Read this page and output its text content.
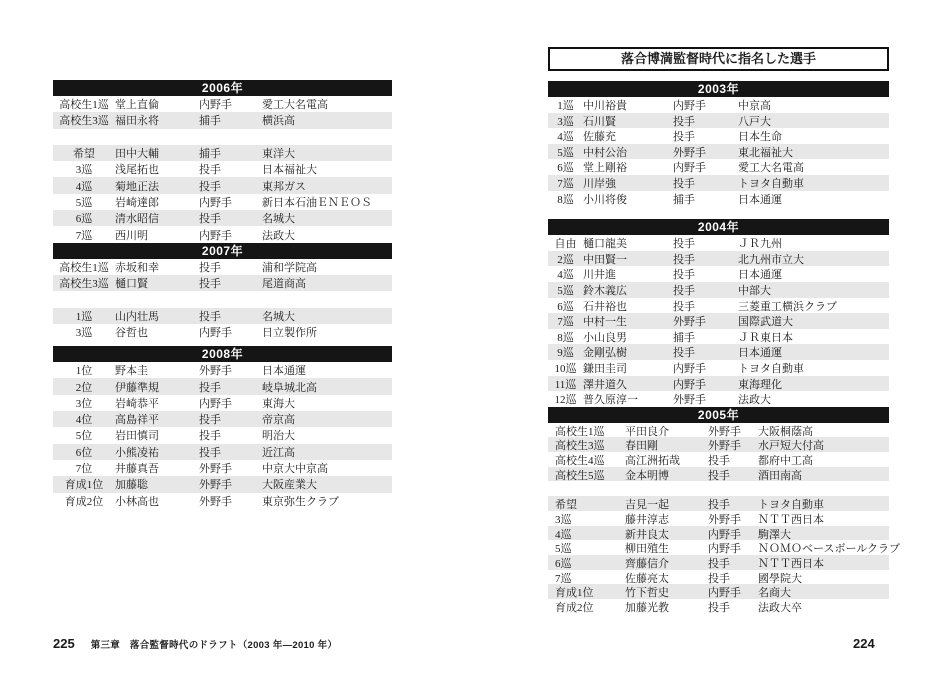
2006年
高校生1巡 堂上直倫	内野手	愛工大名電高
高校生3巡 福田永将	捕手	横浜高
希望	田中大輔	捕手	東洋大
3巡	浅尾拓也	投手	日本福祉大
4巡	菊地正法	投手	東邦ガス
5巡	岩崎達郎	内野手	新日本石油ＥＮＥＯＳ
6巡	清水昭信	投手	名城大
7巡	西川明	内野手	法政大
2007年
高校生1巡 赤坂和幸	投手	浦和学院高
高校生3巡 樋口賢	投手	尾道商高
1巡	山内壮馬	投手	名城大
3巡	谷哲也	内野手	日立製作所
2008年
1位	野本圭	外野手	日本通運
2位	伊藤準規	投手	岐阜城北高
3位	岩崎恭平	内野手	東海大
4位	高島祥平	投手	帝京高
5位	岩田慎司	投手	明治大
6位	小熊凌祐	投手	近江高
7位	井藤真吾	外野手	中京大中京高
育成1位	加藤聡	外野手	大阪産業大
育成2位	小林高也	外野手	東京弥生クラブ
落合博満監督時代に指名した選手
2003年
1巡 中川裕貴	内野手	中京高
3巡 石川賢	投手	八戸大
4巡 佐藤充	投手	日本生命
5巡 中村公治	外野手	東北福祉大
6巡 堂上剛裕	内野手	愛工大名電高
7巡 川岸強	投手	トヨタ自動車
8巡 小川将俊	捕手	日本通運
2004年
自由 樋口龍美	投手	ＪＲ九州
2巡 中田賢一	投手	北九州市立大
4巡 川井進	投手	日本通運
5巡 鈴木義広	投手	中部大
6巡 石井裕也	投手	三菱重工横浜クラブ
7巡 中村一生	外野手	国際武道大
8巡 小山良男	捕手	ＪＲ東日本
9巡 金剛弘樹	投手	日本通運
10巡 鎌田圭司	内野手	トヨタ自動車
11巡 澤井道久	内野手	東海理化
12巡 普久原淳一	外野手	法政大
2005年
高校生1巡	平田良介	外野手	大阪桐蔭高
高校生3巡	春田剛	外野手	水戸短大付高
高校生4巡	高江洲拓哉	投手	都府中工高
高校生5巡	金本明博	投手	酒田南高
希望	吉見一起	投手	トヨタ自動車
3巡	藤井淳志	外野手	ＮＴＴ西日本
4巡	新井良太	内野手	駒澤大
5巡	柳田殖生	内野手	ＮＯＭＯベースボールクラブ
6巡	齊藤信介	投手	ＮＴＴ西日本
7巡	佐藤亮太	投手	國學院大
育成1位	竹下哲史	内野手	名商大
育成2位	加藤光教	投手	法政大卒
225 第三章　落合監督時代のドラフト（2003 年―2010 年）	224
